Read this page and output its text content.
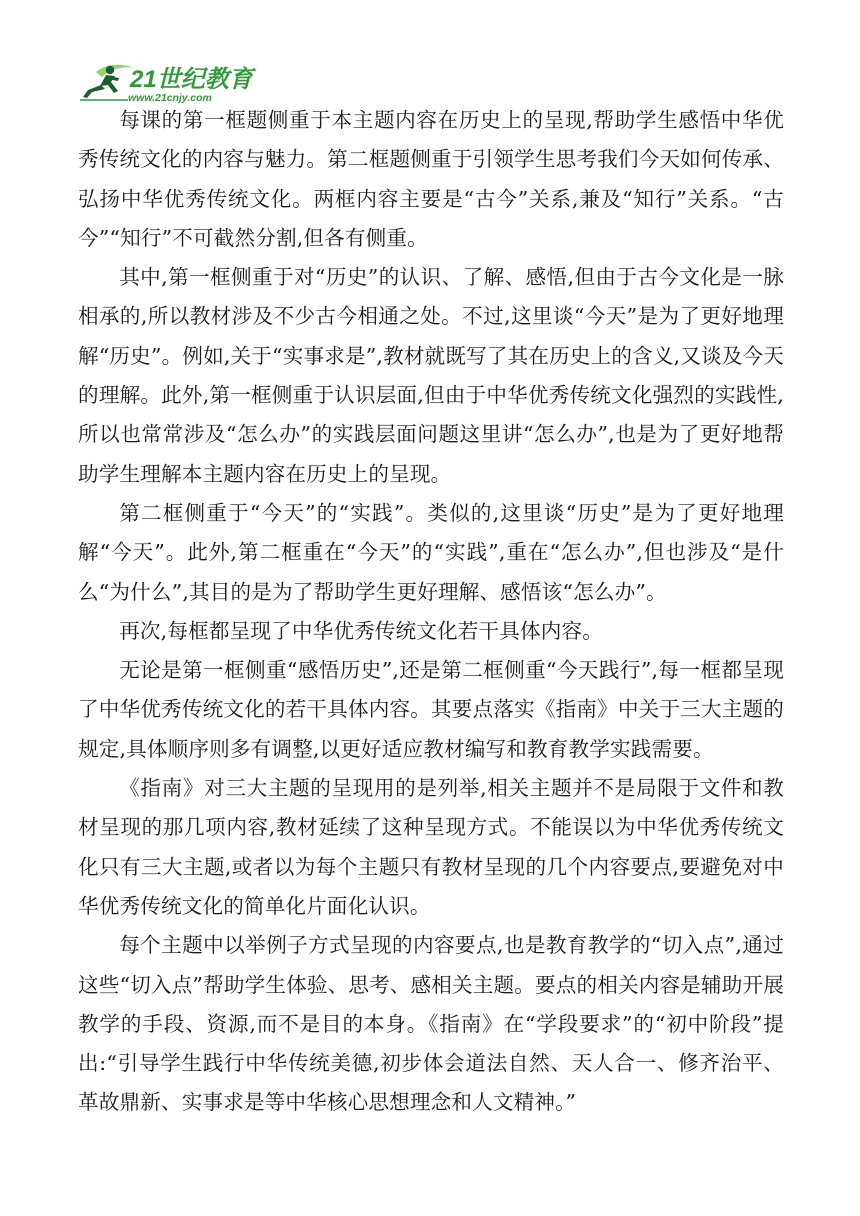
21世纪教育
www.21cnjy.com

每课的第一框题侧重于本主题内容在历史上的呈现,帮助学生感悟中华优秀传统文化的内容与魅力。第二框题侧重于引领学生思考我们今天如何传承、弘扬中华优秀传统文化。两框内容主要是“古今”关系,兼及“知行”关系。“古今”“知行”不可截然分割,但各有侧重。

其中,第一框侧重于对“历史”的认识、了解、感悟,但由于古今文化是一脉相承的,所以教材涉及不少古今相通之处。不过,这里谈“今天”是为了更好地理解“历史”。例如,关于“实事求是”,教材就既写了其在历史上的含义,又谈及今天的理解。此外,第一框侧重于认识层面,但由于中华优秀传统文化强烈的实践性,所以也常常涉及“怎么办”的实践层面问题这里讲“怎么办”,也是为了更好地帮助学生理解本主题内容在历史上的呈现。

第二框侧重于“今天”的“实践”。类似的,这里谈“历史”是为了更好地理解“今天”。此外,第二框重在“今天”的“实践”,重在“怎么办”,但也涉及“是什么“为什么”,其目的是为了帮助学生更好理解、感悟该“怎么办”。

再次,每框都呈现了中华优秀传统文化若干具体内容。

无论是第一框侧重“感悟历史”,还是第二框侧重“今天践行”,每一框都呈现了中华优秀传统文化的若干具体内容。其要点落实《指南》中关于三大主题的规定,具体顺序则多有调整,以更好适应教材编写和教育教学实践需要。

《指南》对三大主题的呈现用的是列举,相关主题并不是局限于文件和教材呈现的那几项内容,教材延续了这种呈现方式。不能误以为中华优秀传统文化只有三大主题,或者以为每个主题只有教材呈现的几个内容要点,要避免对中华优秀传统文化的简单化片面化认识。

每个主题中以举例子方式呈现的内容要点,也是教育教学的“切入点”,通过这些“切入点”帮助学生体验、思考、感相关主题。要点的相关内容是辅助开展教学的手段、资源,而不是目的本身。《指南》在“学段要求”的“初中阶段”提出:“引导学生践行中华传统美德,初步体会道法自然、天人合一、修齐治平、革故鼎新、实事求是等中华核心思想理念和人文精神。”
